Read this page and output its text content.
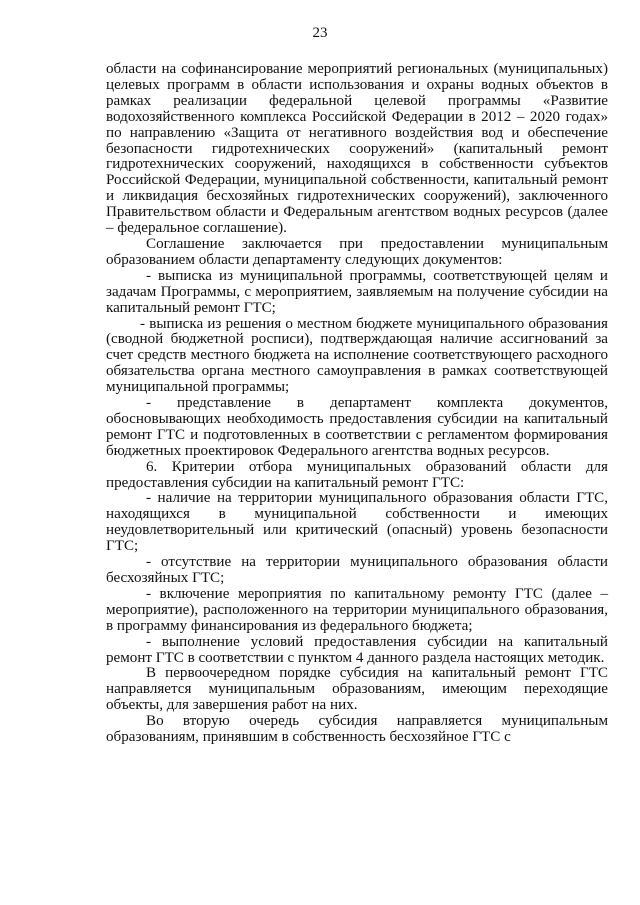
23

области на софинансирование мероприятий региональных (муниципальных) целевых программ в области использования и охраны водных объектов в рамках реализации федеральной целевой программы «Развитие водохозяйственного комплекса Российской Федерации в 2012 – 2020 годах» по направлению «Защита от негативного воздействия вод и обеспечение безопасности гидротехнических сооружений» (капитальный ремонт гидротехнических сооружений, находящихся в собственности субъектов Российской Федерации, муниципальной собственности, капитальный ремонт и ликвидация бесхозяйных гидротехнических сооружений), заключенного Правительством области и Федеральным агентством водных ресурсов (далее – федеральное соглашение).

Соглашение заключается при предоставлении муниципальным образованием области департаменту следующих документов:

- выписка из муниципальной программы, соответствующей целям и задачам Программы, с мероприятием, заявляемым на получение субсидии на капитальный ремонт ГТС;

- выписка из решения о местном бюджете муниципального образования (сводной бюджетной росписи), подтверждающая наличие ассигнований за счет средств местного бюджета на исполнение соответствующего расходного обязательства органа местного самоуправления в рамках соответствующей муниципальной программы;

- представление в департамент комплекта документов, обосновывающих необходимость предоставления субсидии на капитальный ремонт ГТС и подготовленных в соответствии с регламентом формирования бюджетных проектировок Федерального агентства водных ресурсов.

6. Критерии отбора муниципальных образований области для предоставления субсидии на капитальный ремонт ГТС:

- наличие на территории муниципального образования области ГТС, находящихся в муниципальной собственности и имеющих неудовлетворительный или критический (опасный) уровень безопасности ГТС;

- отсутствие на территории муниципального образования области бесхозяйных ГТС;

- включение мероприятия по капитальному ремонту ГТС (далее – мероприятие), расположенного на территории муниципального образования, в программу финансирования из федерального бюджета;

- выполнение условий предоставления субсидии на капитальный ремонт ГТС в соответствии с пунктом 4 данного раздела настоящих методик.

В первоочередном порядке субсидия на капитальный ремонт ГТС направляется муниципальным образованиям, имеющим переходящие объекты, для завершения работ на них.

Во вторую очередь субсидия направляется муниципальным образованиям, принявшим в собственность бесхозяйное ГТС с
